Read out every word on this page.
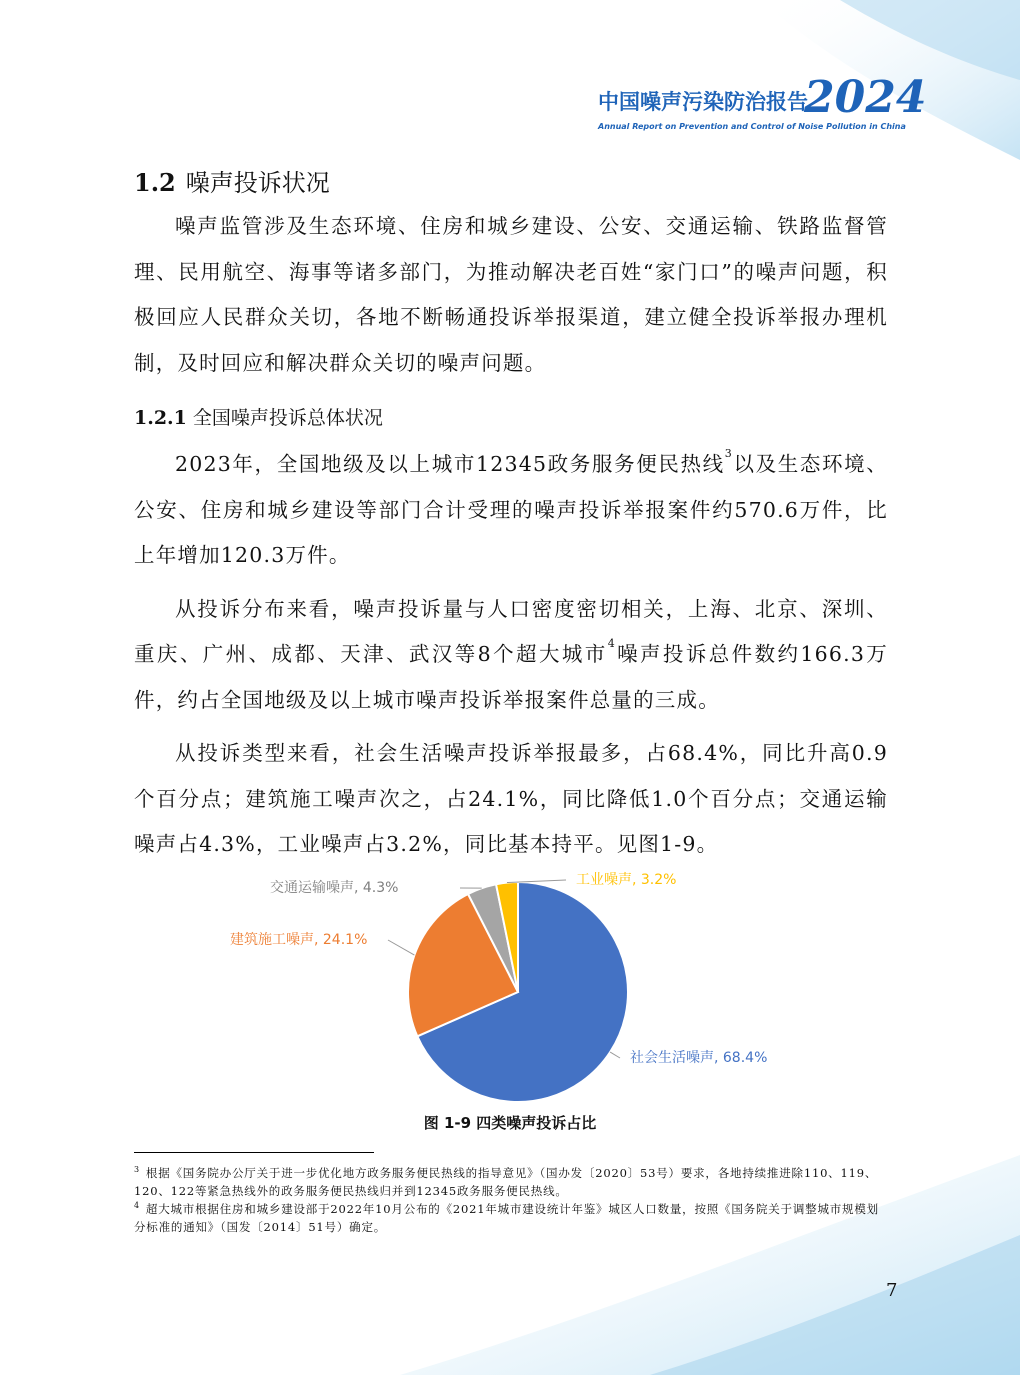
中国噪声污染防治报告
2024
Annual Report on Prevention and Control of Noise Pollution in China
1.2 噪声投诉状况

噪声监管涉及生态环境、住房和城乡建设、公安、交通运输、铁路监督管理、民用航空、海事等诸多部门，为推动解决老百姓“家门口”的噪声问题，积极回应人民群众关切，各地不断畅通投诉举报渠道，建立健全投诉举报办理机制，及时回应和解决群众关切的噪声问题。

1.2.1 全国噪声投诉总体状况

2023年，全国地级及以上城市12345政务服务便民热线$^3$以及生态环境、公安、住房和城乡建设等部门合计受理的噪声投诉举报案件约570.6万件，比上年增加120.3万件。

从投诉分布来看，噪声投诉量与人口密度密切相关，上海、北京、深圳、重庆、广州、成都、天津、武汉等8个超大城市$^4$噪声投诉总件数约166.3万件，约占全国地级及以上城市噪声投诉举报案件总量的三成。

从投诉类型来看，社会生活噪声投诉举报最多，占68.4%，同比升高0.9个百分点；建筑施工噪声次之，占24.1%，同比降低1.0个百分点；交通运输噪声占4.3%，工业噪声占3.2%，同比基本持平。见图1-9。

社会生活噪声, 68.4%
建筑施工噪声, 24.1%
交通运输噪声, 4.3%	工业噪声, 3.2%
图 1-9 四类噪声投诉占比

$^3$ 根据《国务院办公厅关于进一步优化地方政务服务便民热线的指导意见》（国办发〔2020〕53号）要求，各地持续推进除110、119、120、122等紧急热线外的政务服务便民热线归并到12345政务服务便民热线。

$^4$ 超大城市根据住房和城乡建设部于2022年10月公布的《2021年城市建设统计年鉴》城区人口数量，按照《国务院关于调整城市规模划分标准的通知》（国发〔2014〕51号）确定。

7
